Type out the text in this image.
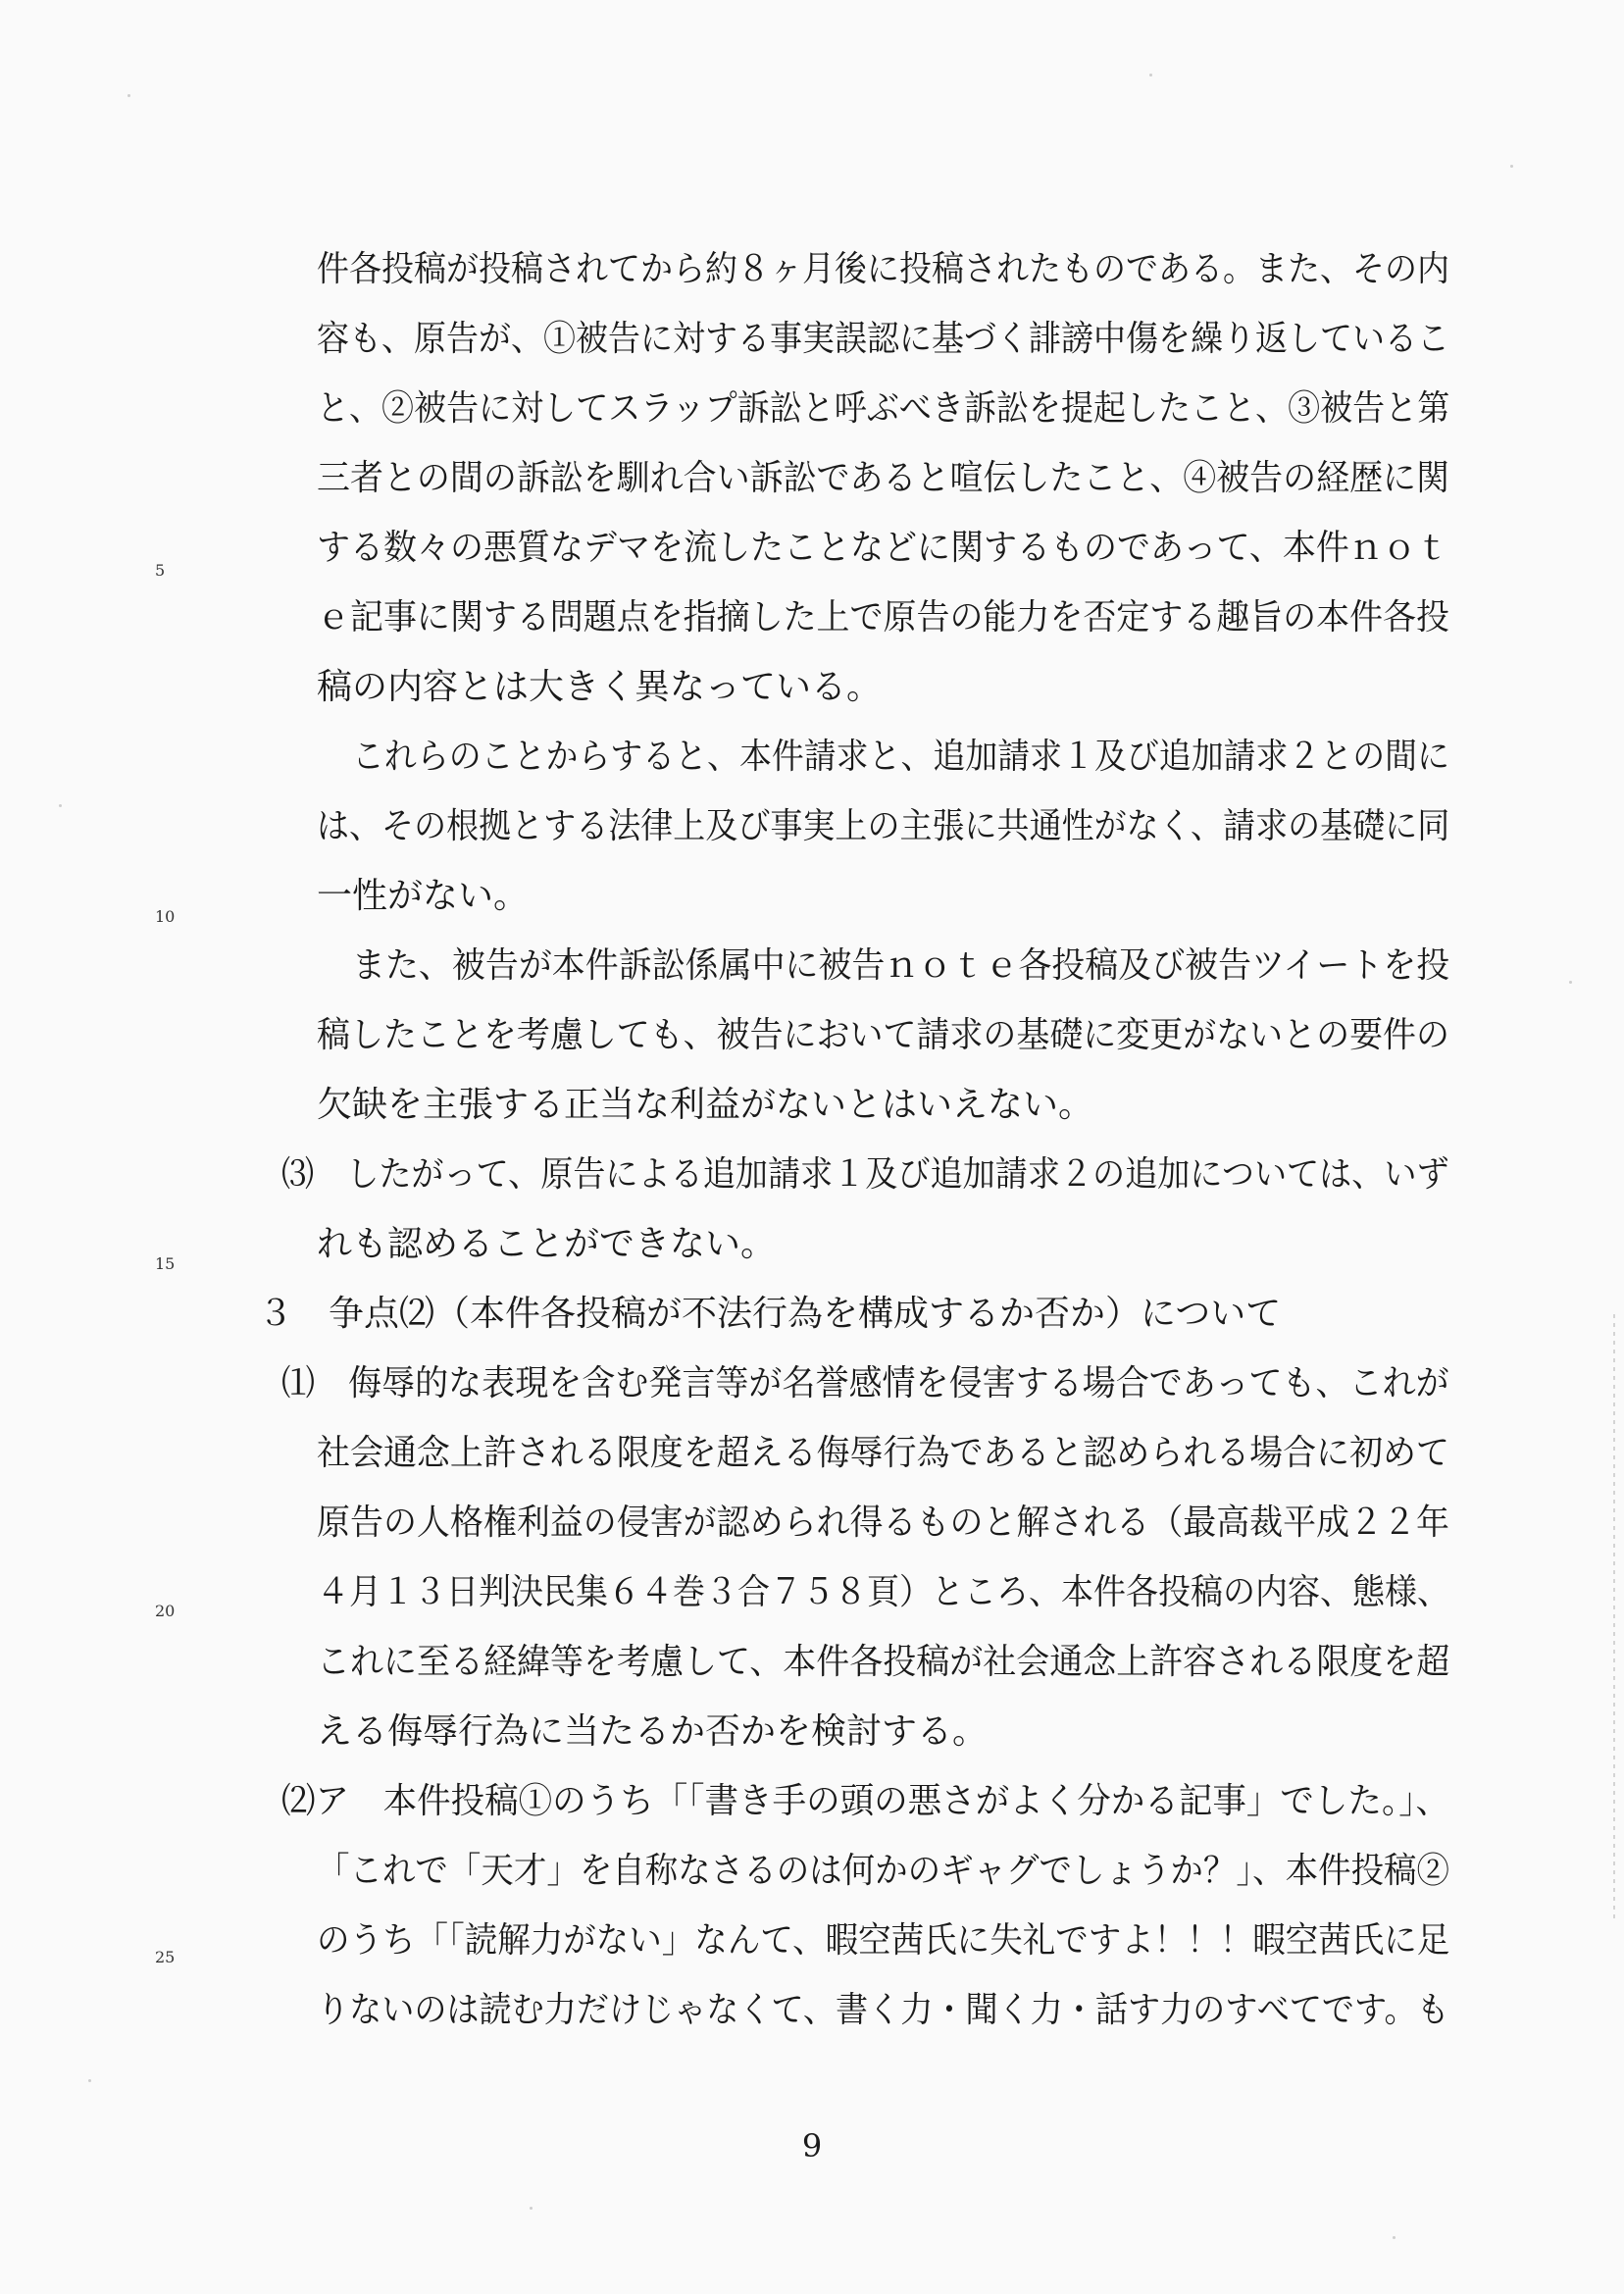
5
10
15
20
25
件各投稿が投稿されてから約８ヶ月後に投稿されたものである。また、その内
容も、原告が、①被告に対する事実誤認に基づく誹謗中傷を繰り返しているこ
と、②被告に対してスラップ訴訟と呼ぶべき訴訟を提起したこと、③被告と第
三者との間の訴訟を馴れ合い訴訟であると喧伝したこと、④被告の経歴に関
する数々の悪質なデマを流したことなどに関するものであって、本件ｎｏｔ
ｅ記事に関する問題点を指摘した上で原告の能力を否定する趣旨の本件各投
稿の内容とは大きく異なっている。
これらのことからすると、本件請求と、追加請求１及び追加請求２との間に
は、その根拠とする法律上及び事実上の主張に共通性がなく、請求の基礎に同
一性がない。
また、被告が本件訴訟係属中に被告ｎｏｔｅ各投稿及び被告ツイートを投
稿したことを考慮しても、被告において請求の基礎に変更がないとの要件の
欠缺を主張する正当な利益がないとはいえない。
⑶　したがって、原告による追加請求１及び追加請求２の追加については、いず
れも認めることができない。
３　争点⑵（本件各投稿が不法行為を構成するか否か）について
⑴　侮辱的な表現を含む発言等が名誉感情を侵害する場合であっても、これが
社会通念上許される限度を超える侮辱行為であると認められる場合に初めて
原告の人格権利益の侵害が認められ得るものと解される（最高裁平成２２年
４月１３日判決民集６４巻３合７５８頁）ところ、本件各投稿の内容、態様、
これに至る経緯等を考慮して、本件各投稿が社会通念上許容される限度を超
える侮辱行為に当たるか否かを検討する。
⑵ア　本件投稿①のうち「「書き手の頭の悪さがよく分かる記事」でした。」、
「これで「天才」を自称なさるのは何かのギャグでしょうか？」、本件投稿②
のうち「「読解力がない」なんて、暇空茜氏に失礼ですよ！！！暇空茜氏に足
りないのは読む力だけじゃなくて、書く力・聞く力・話す力のすべてです。も
9
